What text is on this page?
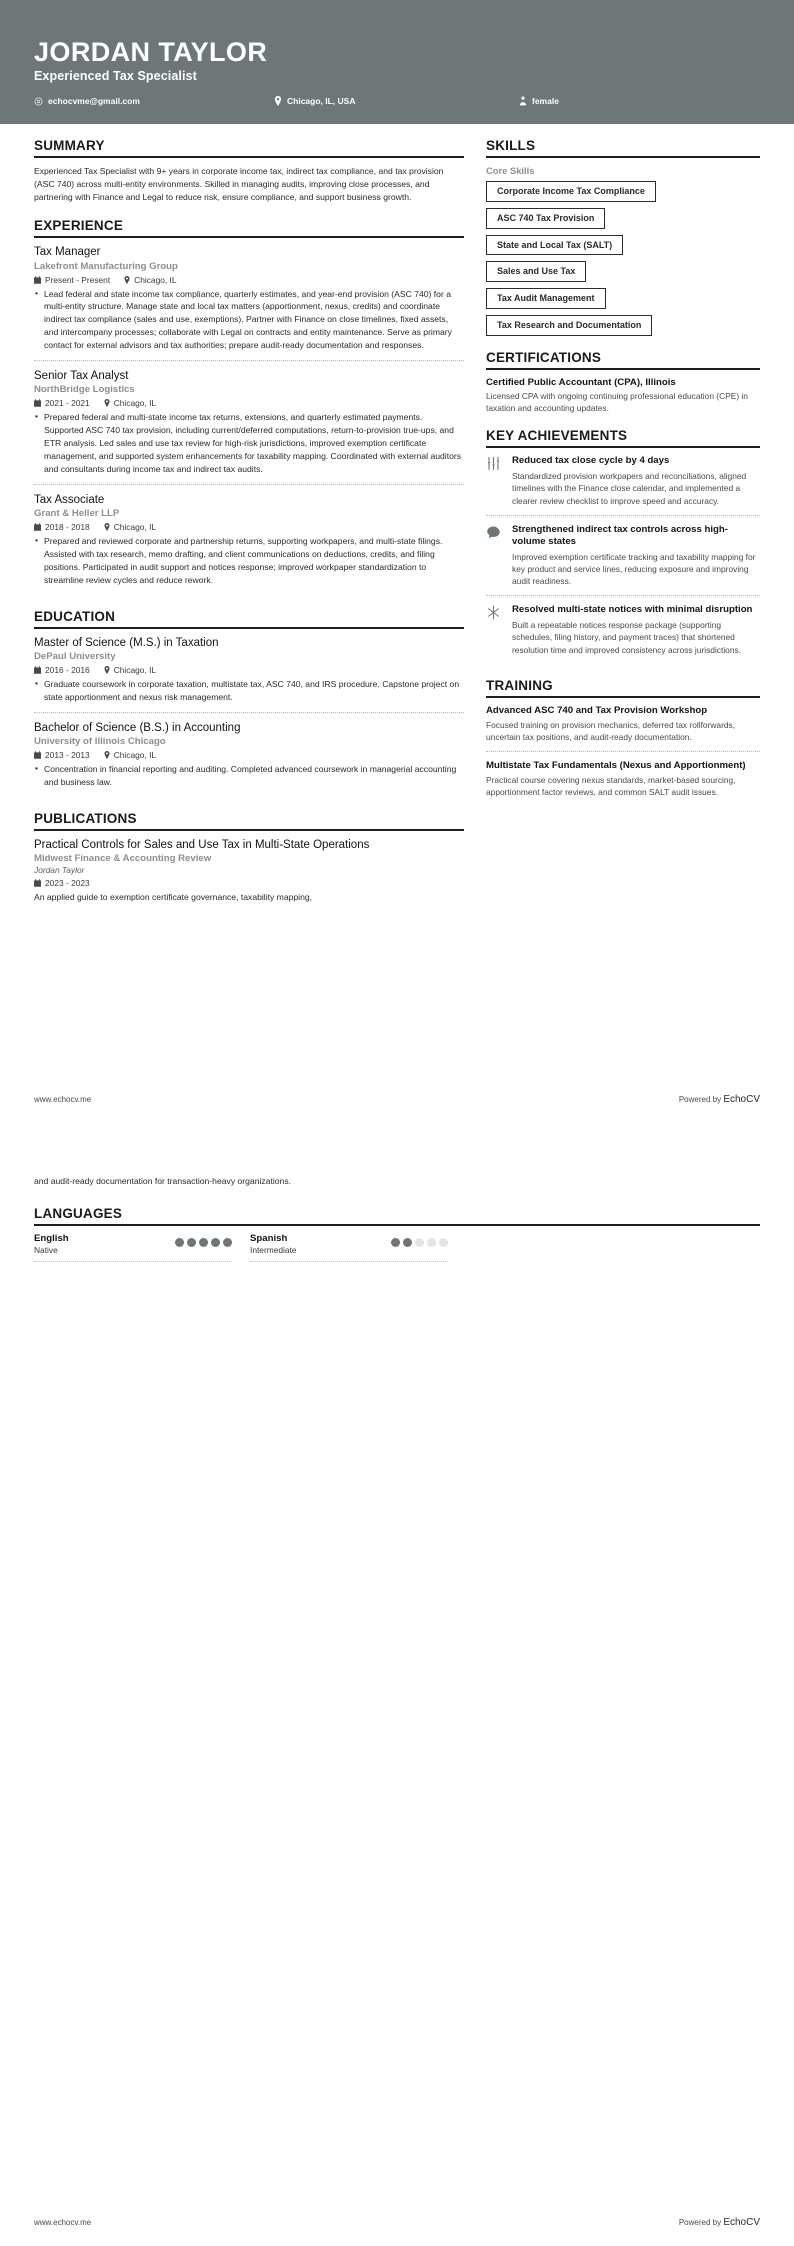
JORDAN TAYLOR
Experienced Tax Specialist
echocvme@gmail.com	Chicago, IL, USA	female
SUMMARY
Experienced Tax Specialist with 9+ years in corporate income tax, indirect tax compliance, and tax provision (ASC 740) across multi-entity environments. Skilled in managing audits, improving close processes, and partnering with Finance and Legal to reduce risk, ensure compliance, and support business growth.
EXPERIENCE
Tax Manager
Lakefront Manufacturing Group
Present - Present	Chicago, IL
• Lead federal and state income tax compliance, quarterly estimates, and year-end provision (ASC 740) for a multi-entity structure. Manage state and local tax matters (apportionment, nexus, credits) and coordinate indirect tax compliance (sales and use, exemptions). Partner with Finance on close timelines, fixed assets, and intercompany processes; collaborate with Legal on contracts and entity maintenance. Serve as primary contact for external advisors and tax authorities; prepare audit-ready documentation and responses.
Senior Tax Analyst
NorthBridge Logistics
2021 - 2021	Chicago, IL
• Prepared federal and multi-state income tax returns, extensions, and quarterly estimated payments. Supported ASC 740 tax provision, including current/deferred computations, return-to-provision true-ups, and ETR analysis. Led sales and use tax review for high-risk jurisdictions, improved exemption certificate management, and supported system enhancements for taxability mapping. Coordinated with external auditors and consultants during income tax and indirect tax audits.
Tax Associate
Grant & Heller LLP
2018 - 2018	Chicago, IL
• Prepared and reviewed corporate and partnership returns, supporting workpapers, and multi-state filings. Assisted with tax research, memo drafting, and client communications on deductions, credits, and filing positions. Participated in audit support and notices response; improved workpaper standardization to streamline review cycles and reduce rework.
EDUCATION
Master of Science (M.S.) in Taxation
DePaul University
2016 - 2016	Chicago, IL
• Graduate coursework in corporate taxation, multistate tax, ASC 740, and IRS procedure. Capstone project on state apportionment and nexus risk management.
Bachelor of Science (B.S.) in Accounting
University of Illinois Chicago
2013 - 2013	Chicago, IL
• Concentration in financial reporting and auditing. Completed advanced coursework in managerial accounting and business law.
PUBLICATIONS
Practical Controls for Sales and Use Tax in Multi-State Operations
Midwest Finance & Accounting Review
Jordan Taylor
2023 - 2023
An applied guide to exemption certificate governance, taxability mapping,
SKILLS
Core Skills
Corporate Income Tax Compliance
ASC 740 Tax Provision
State and Local Tax (SALT)
Sales and Use Tax
Tax Audit Management
Tax Research and Documentation
CERTIFICATIONS
Certified Public Accountant (CPA), Illinois
Licensed CPA with ongoing continuing professional education (CPE) in taxation and accounting updates.
KEY ACHIEVEMENTS
Reduced tax close cycle by 4 days
Standardized provision workpapers and reconciliations, aligned timelines with the Finance close calendar, and implemented a clearer review checklist to improve speed and accuracy.
Strengthened indirect tax controls across high-volume states
Improved exemption certificate tracking and taxability mapping for key product and service lines, reducing exposure and improving audit readiness.
Resolved multi-state notices with minimal disruption
Built a repeatable notices response package (supporting schedules, filing history, and payment traces) that shortened resolution time and improved consistency across jurisdictions.
TRAINING
Advanced ASC 740 and Tax Provision Workshop
Focused training on provision mechanics, deferred tax rollforwards, uncertain tax positions, and audit-ready documentation.
Multistate Tax Fundamentals (Nexus and Apportionment)
Practical course covering nexus standards, market-based sourcing, apportionment factor reviews, and common SALT audit issues.
www.echocv.me	Powered by EchoCV
and audit-ready documentation for transaction-heavy organizations.
LANGUAGES
English
Native
Spanish
Intermediate
www.echocv.me	Powered by EchoCV
